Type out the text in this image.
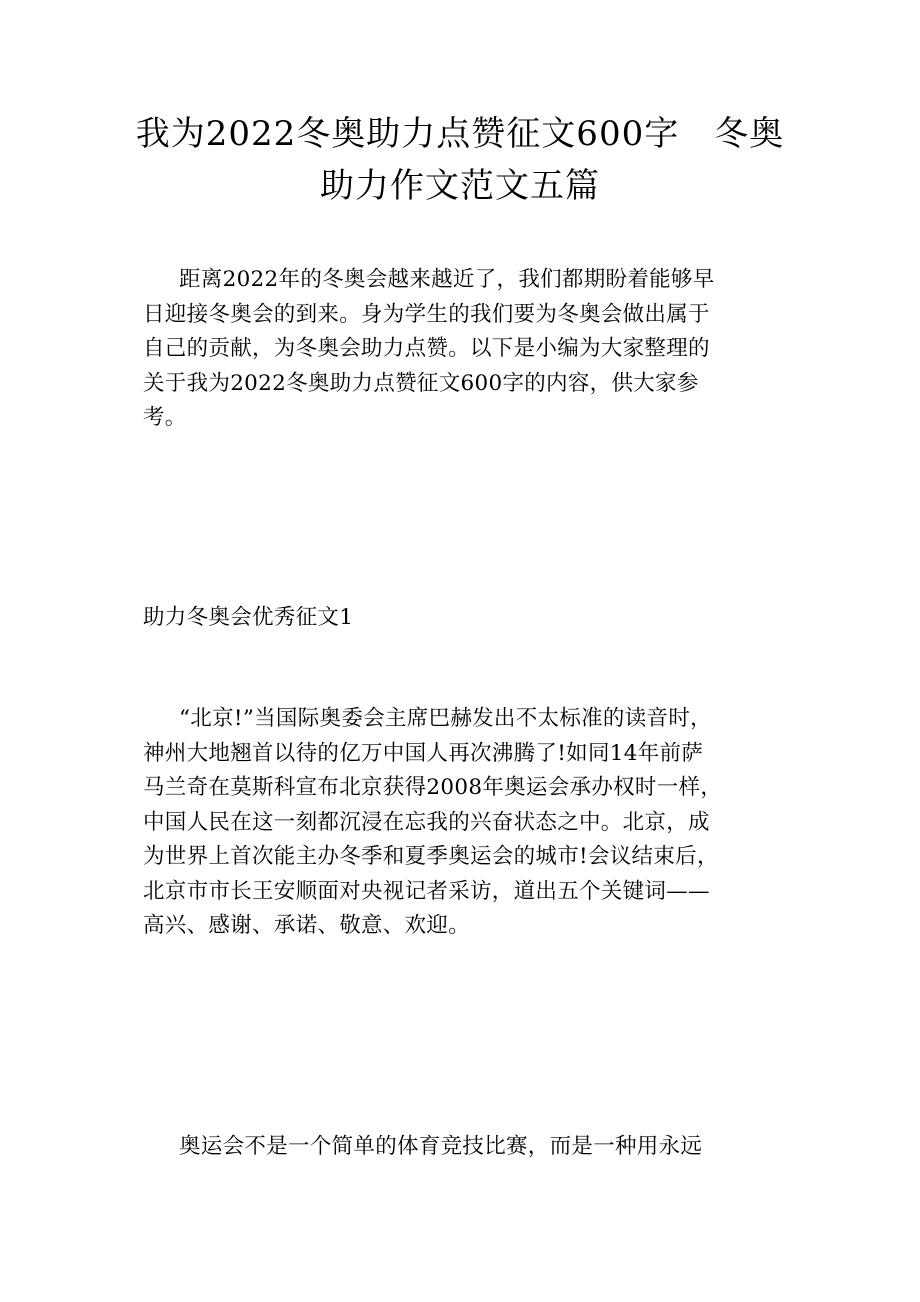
我为2022冬奥助力点赞征文600字　冬奥
助力作文范文五篇

距离2022年的冬奥会越来越近了，我们都期盼着能够早
日迎接冬奥会的到来。身为学生的我们要为冬奥会做出属于
自己的贡献，为冬奥会助力点赞。以下是小编为大家整理的
关于我为2022冬奥助力点赞征文600字的内容，供大家参
考。

助力冬奥会优秀征文1

“北京!”当国际奥委会主席巴赫发出不太标准的读音时，
神州大地翘首以待的亿万中国人再次沸腾了!如同14年前萨
马兰奇在莫斯科宣布北京获得2008年奥运会承办权时一样，
中国人民在这一刻都沉浸在忘我的兴奋状态之中。北京，成
为世界上首次能主办冬季和夏季奥运会的城市!会议结束后，
北京市市长王安顺面对央视记者采访，道出五个关键词——
高兴、感谢、承诺、敬意、欢迎。

奥运会不是一个简单的体育竞技比赛，而是一种用永远
